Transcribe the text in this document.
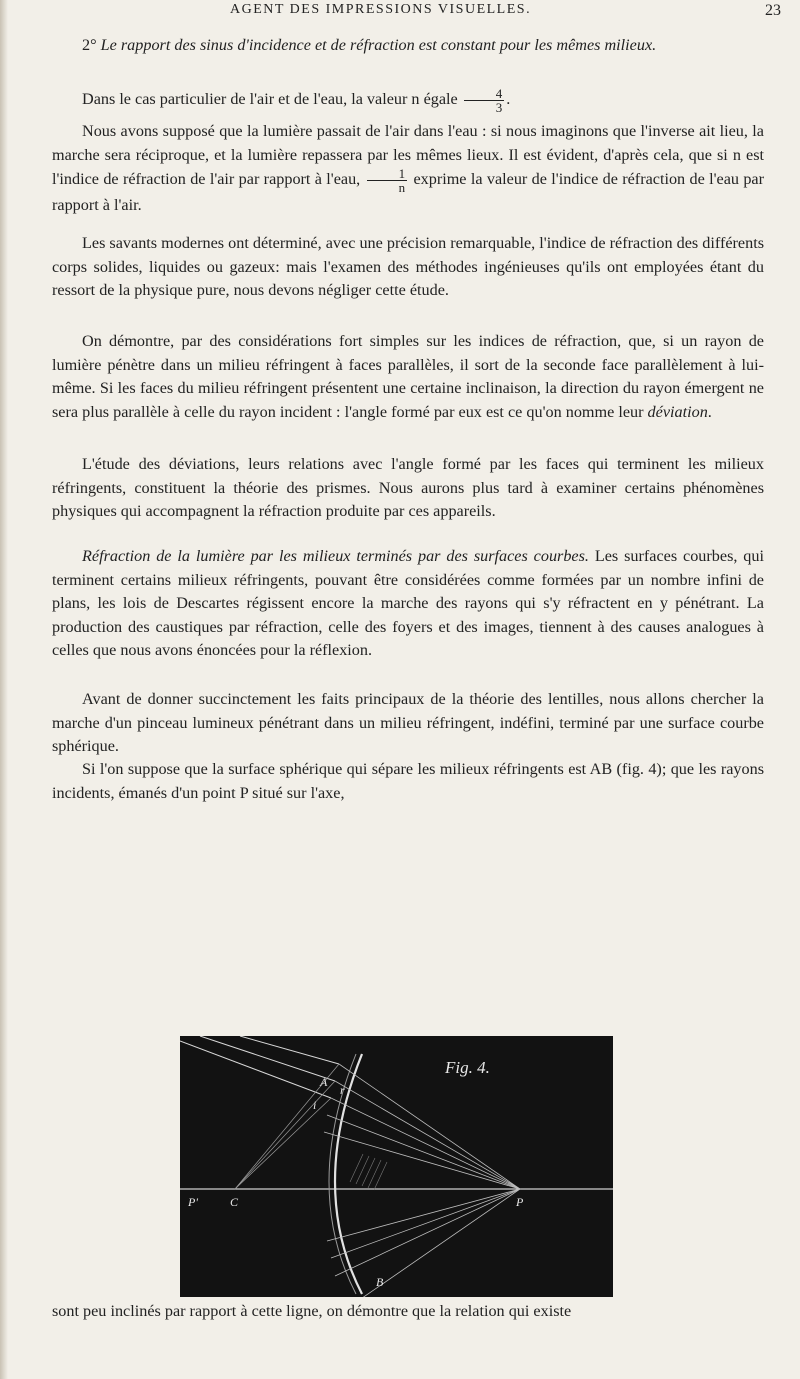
AGENT DES IMPRESSIONS VISUELLES.	23
2° Le rapport des sinus d'incidence et de réfraction est constant pour les mêmes milieux.
Dans le cas particulier de l'air et de l'eau, la valeur n égale $\frac{4}{3}$ .
Nous avons supposé que la lumière passait de l'air dans l'eau : si nous imaginons que l'inverse ait lieu, la marche sera réciproque, et la lumière repassera par les mêmes lieux. Il est évident, d'après cela, que si n est l'indice de réfraction de l'air par rapport à l'eau, $\frac{1}{n}$ exprime la valeur de l'indice de réfraction de l'eau par rapport à l'air.
Les savants modernes ont déterminé, avec une précision remarquable, l'indice de réfraction des différents corps solides, liquides ou gazeux: mais l'examen des méthodes ingénieuses qu'ils ont employées étant du ressort de la physique pure, nous devons négliger cette étude.
On démontre, par des considérations fort simples sur les indices de réfraction, que, si un rayon de lumière pénètre dans un milieu réfringent à faces parallèles, il sort de la seconde face parallèlement à lui-même. Si les faces du milieu réfringent présentent une certaine inclinaison, la direction du rayon émergent ne sera plus parallèle à celle du rayon incident : l'angle formé par eux est ce qu'on nomme leur déviation.
L'étude des déviations, leurs relations avec l'angle formé par les faces qui terminent les milieux réfringents, constituent la théorie des prismes. Nous aurons plus tard à examiner certains phénomènes physiques qui accompagnent la réfraction produite par ces appareils.
Réfraction de la lumière par les milieux terminés par des surfaces courbes. Les surfaces courbes, qui terminent certains milieux réfringents, pouvant être considérées comme formées par un nombre infini de plans, les lois de Descartes régissent encore la marche des rayons qui s'y réfractent en y pénétrant. La production des caustiques par réfraction, celle des foyers et des images, tiennent à des causes analogues à celles que nous avons énoncées pour la réflexion.
Avant de donner succinctement les faits principaux de la théorie des lentilles, nous allons chercher la marche d'un pinceau lumineux pénétrant dans un milieu réfringent, indéfini, terminé par une surface courbe sphérique.
Si l'on suppose que la surface sphérique qui sépare les milieux réfringents est AB (fig. 4); que les rayons incidents, émanés d'un point P situé sur l'axe,
A
B
i
r
P'	C	P
Fig. 4.
sont peu inclinés par rapport à cette ligne, on démontre que la relation qui existe
